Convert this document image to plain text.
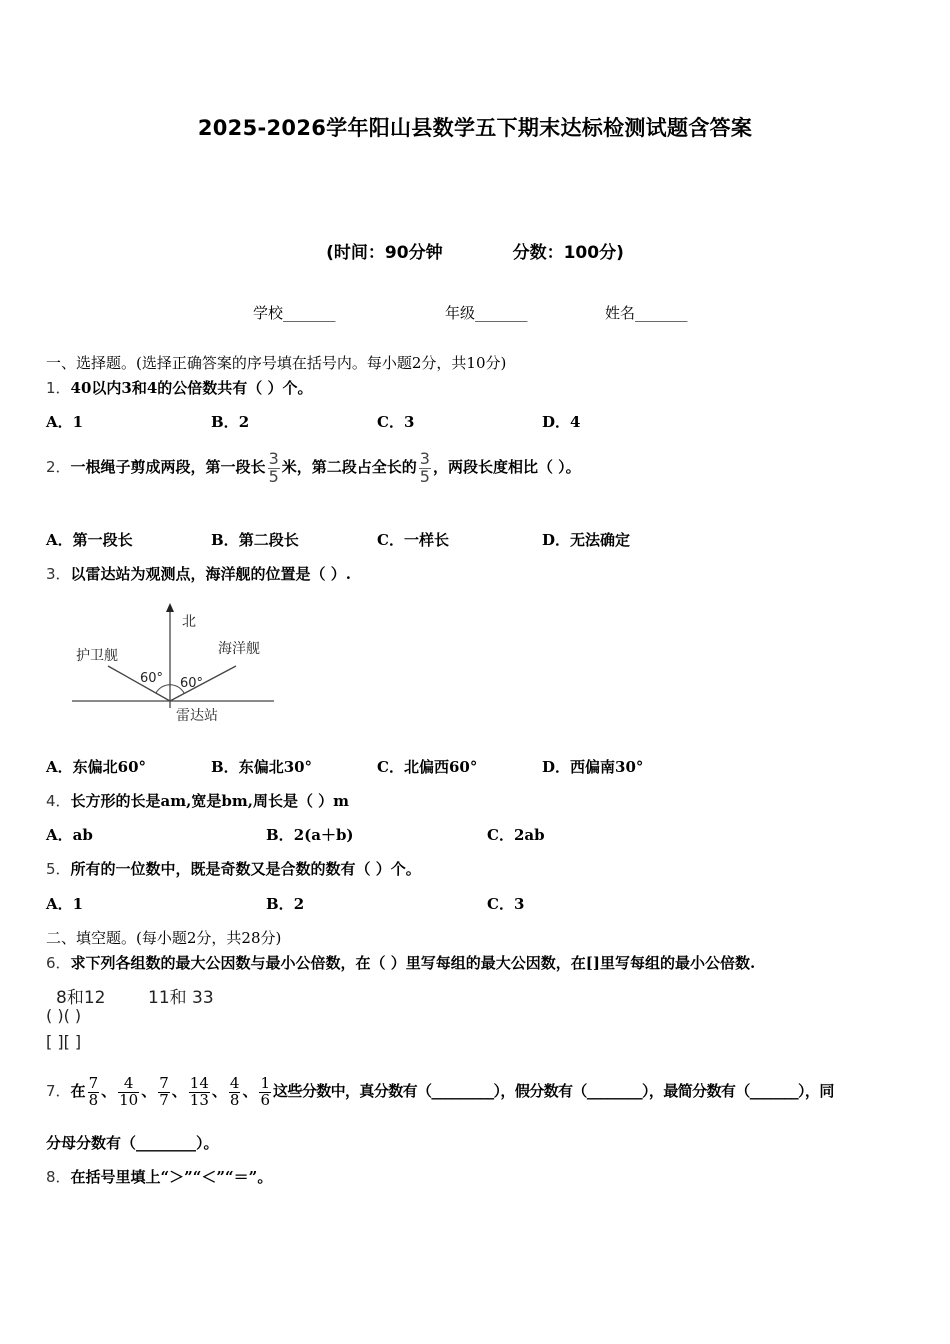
2025-2026学年阳山县数学五下期末达标检测试题含答案
(时间：90分钟	分数：100分)
学校_______	年级_______	姓名_______
一、选择题。(选择正确答案的序号填在括号内。每小题2分，共10分)
1．40以内3和4的公倍数共有（ ）个。
A．1	B．2	C．3	D．4
2．一根绳子剪成两段，第一段长 $\frac{3}{5}$ 米，第二段占全长的 $\frac{3}{5}$ ，两段长度相比（ ）。
A．第一段长	B．第二段长	C．一样长	D．无法确定
3．以雷达站为观测点，海洋舰的位置是（ ）.
北
护卫舰	海洋舰
60° 60°
雷达站
A．东偏北60°	B．东偏北30°	C．北偏西60°	D．西偏南30°
4．长方形的长是am,宽是bm,周长是（ ）m
A．ab	B．2(a＋b)	C．2ab
5．所有的一位数中，既是奇数又是合数的数有（ ）个。
A．1	B．2	C．3
二、填空题。(每小题2分，共28分)
6．求下列各组数的最大公因数与最小公倍数，在（ ）里写每组的最大公因数，在[]里写每组的最小公倍数.
8和12	11和 33
( )( )
[ ][ ]
7．在 $\frac{7}{8}$ 、 $\frac{4}{10}$ 、 $\frac{7}{7}$ 、 $\frac{14}{13}$ 、 $\frac{4}{8}$ 、 $\frac{1}{6}$ 这些分数中，真分数有（_________），假分数有（________），最简分数有（_______），同
分母分数有（________）。
8．在括号里填上“＞”“＜”“＝”。
